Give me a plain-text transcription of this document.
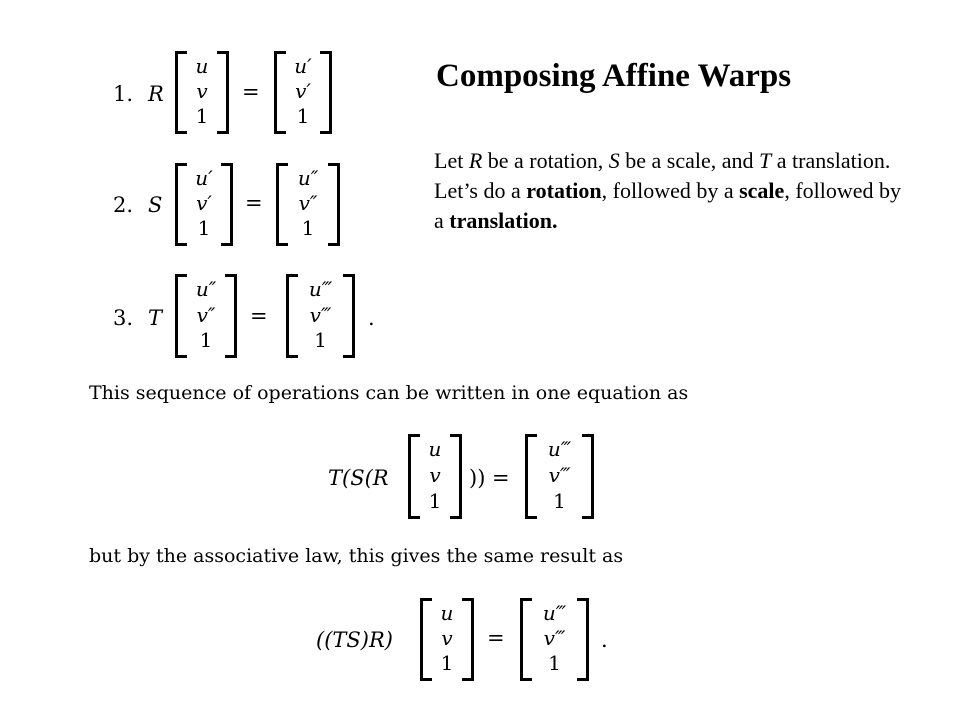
Composing Affine Warps
Let R be a rotation, S be a scale, and T a translation. Let’s do a rotation, followed by a scale, followed by a translation.
1. R
u
v
1
=
u′
v′
1
2. S
u′
v′
1
=
u″
v″
1
3. T
u″
v″
1
=
u‴
v‴
1
.
This sequence of operations can be written in one equation as
T(S(R
u
v
1
)) =
u‴
v‴
1
but by the associative law, this gives the same result as
((TS)R)
u
v
1
=
u‴
v‴
1
.
